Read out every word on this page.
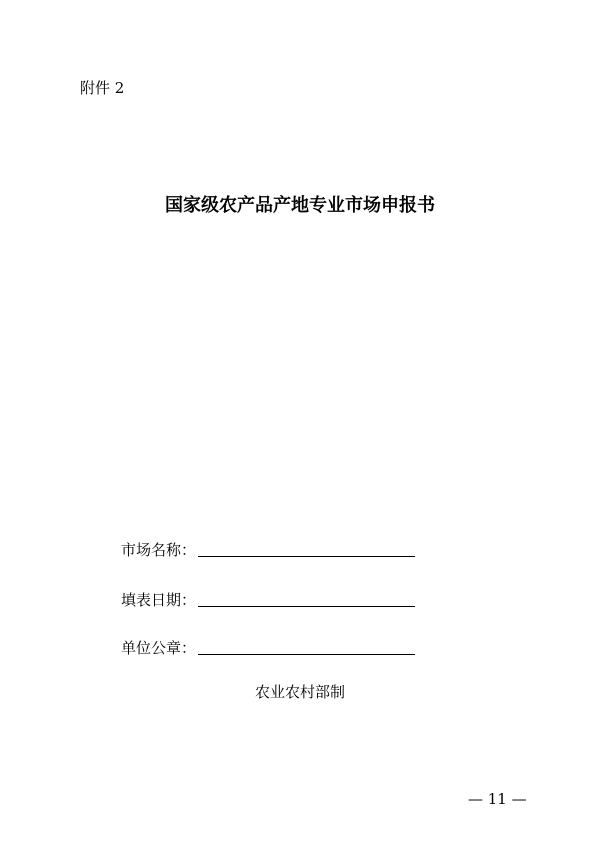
附件 2
国家级农产品产地专业市场申报书
市场名称：
填表日期：
单位公章：
农业农村部制
— 11 —
